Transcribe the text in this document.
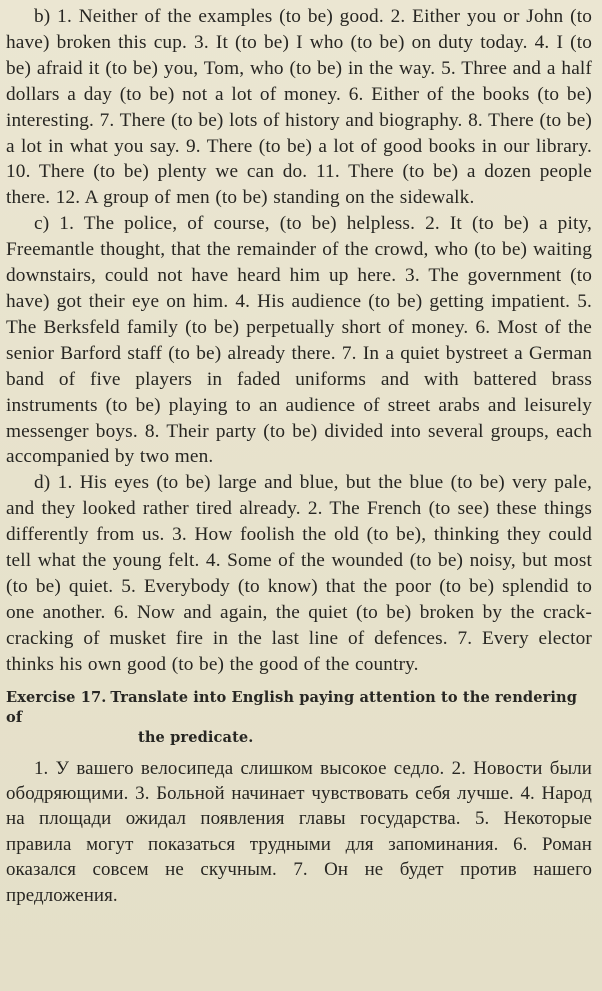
b) 1. Neither of the examples (to be) good. 2. Either you or John (to have) broken this cup. 3. It (to be) I who (to be) on duty today. 4. I (to be) afraid it (to be) you, Tom, who (to be) in the way. 5. Three and a half dollars a day (to be) not a lot of money. 6. Either of the books (to be) interesting. 7. There (to be) lots of history and biography. 8. There (to be) a lot in what you say. 9. There (to be) a lot of good books in our library. 10. There (to be) plenty we can do. 11. There (to be) a dozen people there. 12. A group of men (to be) standing on the sidewalk.

c) 1. The police, of course, (to be) helpless. 2. It (to be) a pity, Freemantle thought, that the remainder of the crowd, who (to be) waiting downstairs, could not have heard him up here. 3. The government (to have) got their eye on him. 4. His audience (to be) getting impatient. 5. The Berksfeld family (to be) perpetually short of money. 6. Most of the senior Barford staff (to be) already there. 7. In a quiet bystreet a German band of five players in faded uniforms and with battered brass instruments (to be) playing to an audience of street arabs and leisurely messenger boys. 8. Their party (to be) divided into several groups, each accompanied by two men.

d) 1. His eyes (to be) large and blue, but the blue (to be) very pale, and they looked rather tired already. 2. The French (to see) these things differently from us. 3. How foolish the old (to be), thinking they could tell what the young felt. 4. Some of the wounded (to be) noisy, but most (to be) quiet. 5. Everybody (to know) that the poor (to be) splendid to one another. 6. Now and again, the quiet (to be) broken by the crack-cracking of musket fire in the last line of defences. 7. Every elector thinks his own good (to be) the good of the country.

Exercise 17. Translate into English paying attention to the rendering of
the predicate.

1. У вашего велосипеда слишком высокое седло. 2. Новости были ободряющими. 3. Больной начинает чувствовать себя лучше. 4. Народ на площади ожидал появления главы государства. 5. Некоторые правила могут показаться трудными для запоминания. 6. Роман оказался совсем не скучным. 7. Он не будет против нашего предложения.
